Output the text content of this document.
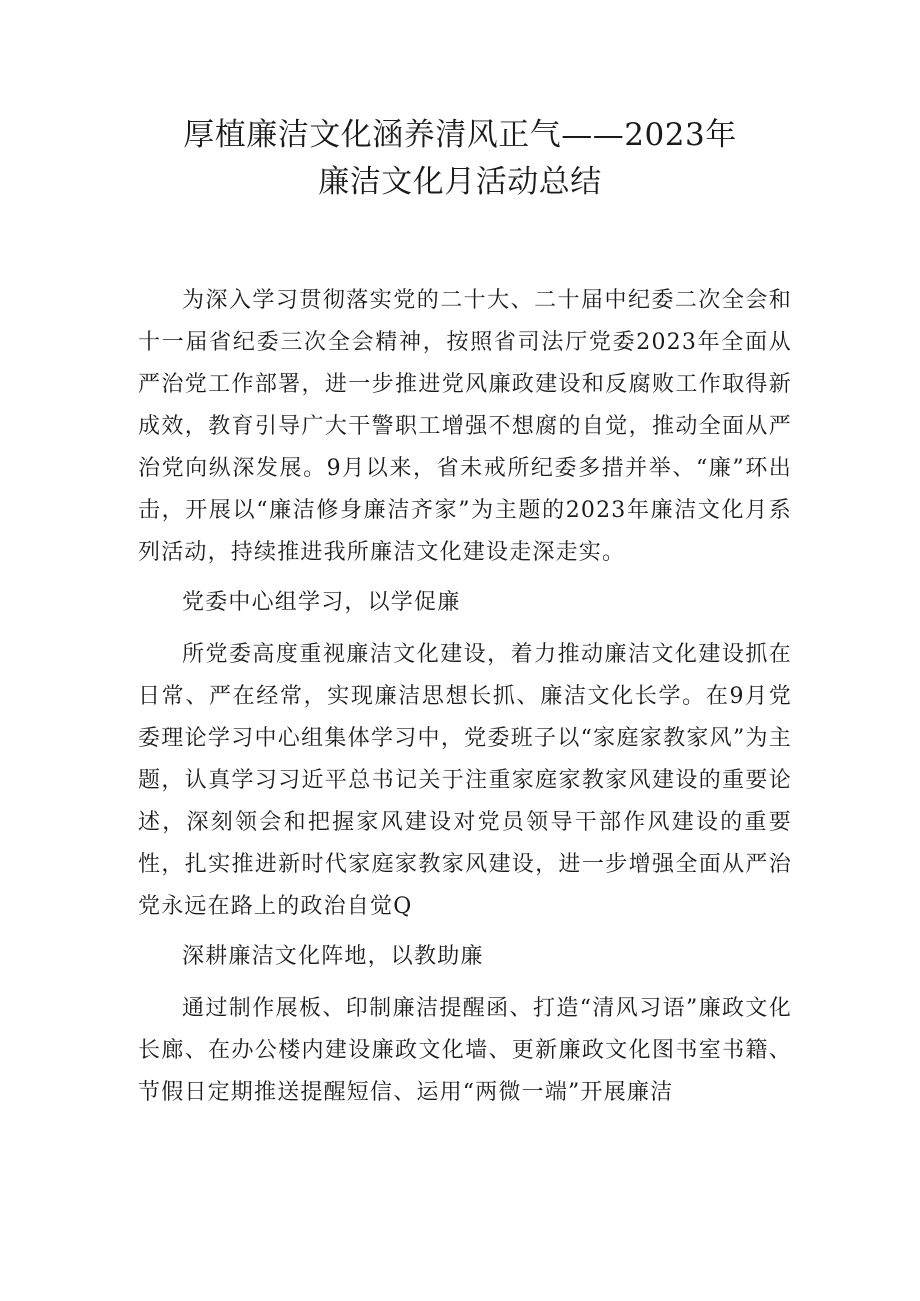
厚植廉洁文化涵养清风正气——2023年
廉洁文化月活动总结

为深入学习贯彻落实党的二十大、二十届中纪委二次全会和十一届省纪委三次全会精神，按照省司法厅党委2023年全面从严治党工作部署，进一步推进党风廉政建设和反腐败工作取得新成效，教育引导广大干警职工增强不想腐的自觉，推动全面从严治党向纵深发展。9月以来，省未戒所纪委多措并举、“廉”环出击，开展以“廉洁修身廉洁齐家”为主题的2023年廉洁文化月系列活动，持续推进我所廉洁文化建设走深走实。

党委中心组学习，以学促廉

所党委高度重视廉洁文化建设，着力推动廉洁文化建设抓在日常、严在经常，实现廉洁思想长抓、廉洁文化长学。在9月党委理论学习中心组集体学习中，党委班子以“家庭家教家风”为主题，认真学习习近平总书记关于注重家庭家教家风建设的重要论述，深刻领会和把握家风建设对党员领导干部作风建设的重要性，扎实推进新时代家庭家教家风建设，进一步增强全面从严治党永远在路上的政治自觉Q

深耕廉洁文化阵地，以教助廉

通过制作展板、印制廉洁提醒函、打造“清风习语”廉政文化长廊、在办公楼内建设廉政文化墙、更新廉政文化图书室书籍、节假日定期推送提醒短信、运用“两微一端”开展廉洁
